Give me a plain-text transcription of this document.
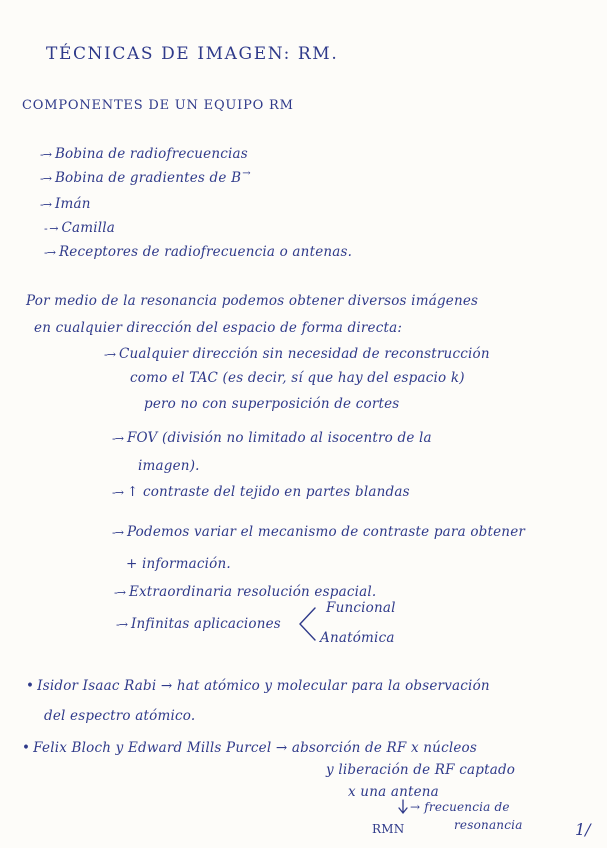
TÉCNICAS DE IMAGEN: RM.
COMPONENTES DE UN EQUIPO RM
-→ Bobina de radiofrecuencias
-→ Bobina de gradientes de B→
-→ Imán
- → Camilla
-→ Receptores de radiofrecuencia o antenas.
Por medio de la resonancia podemos obtener diversos imágenes
en cualquier dirección del espacio de forma directa:
-→ Cualquier dirección sin necesidad de reconstrucción
como el TAC (es decir, sí que hay del espacio k)
pero no con superposición de cortes
-→ FOV (división no limitado al isocentro de la
imagen).
-→ ↑ contraste del tejido en partes blandas
-→ Podemos variar el mecanismo de contraste para obtener
+ información.
-→ Extraordinaria resolución espacial.
-→ Infinitas aplicaciones
Funcional
Anatómica
• Isidor Isaac Rabi → hat atómico y molecular para la observación
del espectro atómico.
• Felix Bloch y Edward Mills Purcel → absorción de RF x núcleos
y liberación de RF captado
x una antena
→ frecuencia de
resonancia
RMN	1/
